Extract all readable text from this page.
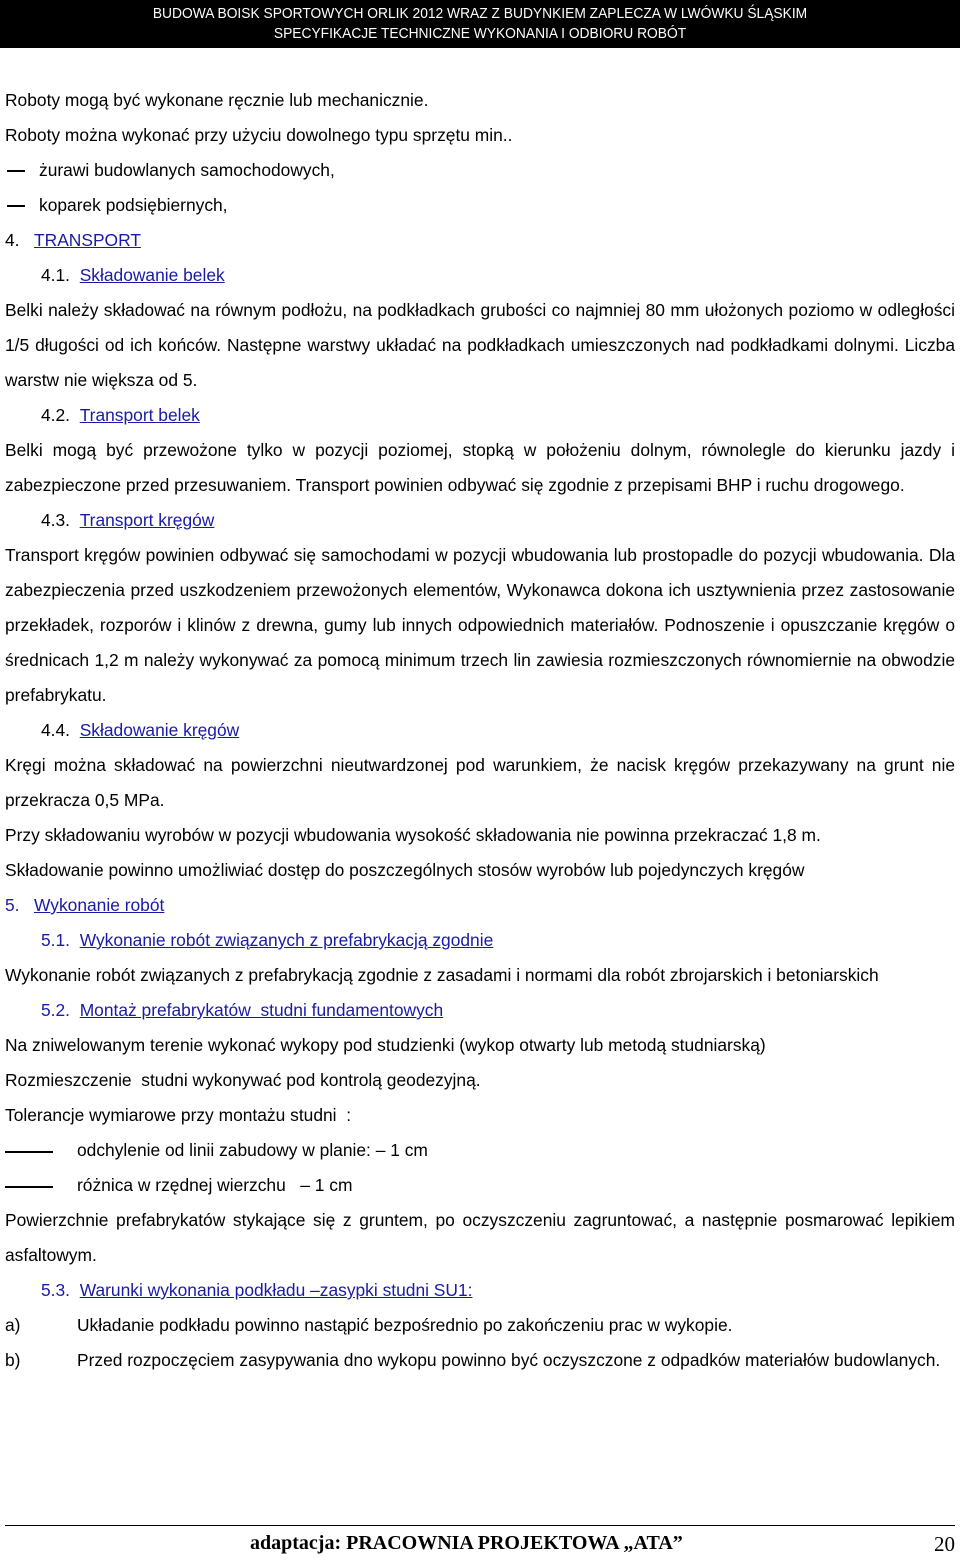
BUDOWA BOISK SPORTOWYCH ORLIK 2012 WRAZ Z BUDYNKIEM ZAPLECZA W LWÓWKU ŚLĄSKIM
SPECYFIKACJE TECHNICZNE WYKONANIA I ODBIORU ROBÓT

Roboty mogą być wykonane ręcznie lub mechanicznie.

Roboty można wykonać przy użyciu dowolnego typu sprzętu min..

żurawi budowlanych samochodowych,

koparek podsiębiernych,

4. TRANSPORT

4.1. Składowanie belek

Belki należy składować na równym podłożu, na podkładkach grubości co najmniej 80 mm ułożonych poziomo w odległości 1/5 długości od ich końców. Następne warstwy układać na podkładkach umieszczonych nad podkładkami dolnymi. Liczba warstw nie większa od 5.

4.2. Transport belek

Belki mogą być przewożone tylko w pozycji poziomej, stopką w położeniu dolnym, równolegle do kierunku jazdy i zabezpieczone przed przesuwaniem. Transport powinien odbywać się zgodnie z przepisami BHP i ruchu drogowego.

4.3. Transport kręgów

Transport kręgów powinien odbywać się samochodami w pozycji wbudowania lub prostopadle do pozycji wbudowania. Dla zabezpieczenia przed uszkodzeniem przewożonych elementów, Wykonawca dokona ich usztywnienia przez zastosowanie przekładek, rozporów i klinów z drewna, gumy lub innych odpowiednich materiałów. Podnoszenie i opuszczanie kręgów o średnicach 1,2 m należy wykonywać za pomocą minimum trzech lin zawiesia rozmieszczonych równomiernie na obwodzie prefabrykatu.

4.4. Składowanie kręgów

Kręgi można składować na powierzchni nieutwardzonej pod warunkiem, że nacisk kręgów przekazywany na grunt nie przekracza 0,5 MPa.

Przy składowaniu wyrobów w pozycji wbudowania wysokość składowania nie powinna przekraczać 1,8 m.

Składowanie powinno umożliwiać dostęp do poszczególnych stosów wyrobów lub pojedynczych kręgów

5. Wykonanie robót

5.1. Wykonanie robót związanych z prefabrykacją zgodnie

Wykonanie robót związanych z prefabrykacją zgodnie z zasadami i normami dla robót zbrojarskich i betoniarskich

5.2. Montaż prefabrykatów  studni fundamentowych

Na zniwelowanym terenie wykonać wykopy pod studzienki (wykop otwarty lub metodą studniarską)

Rozmieszczenie  studni wykonywać pod kontrolą geodezyjną.

Tolerancje wymiarowe przy montażu studni  :

odchylenie od linii zabudowy w planie: – 1 cm

różnica w rzędnej wierzchu   – 1 cm

Powierzchnie prefabrykatów stykające się z gruntem, po oczyszczeniu zagruntować, a następnie posmarować lepikiem asfaltowym.

5.3. Warunki wykonania podkładu –zasypki studni SU1:

a)	Układanie podkładu powinno nastąpić bezpośrednio po zakończeniu prac w wykopie.

b)	Przed rozpoczęciem zasypywania dno wykopu powinno być oczyszczone z odpadków materiałów budowlanych.

adaptacja: PRACOWNIA PROJEKTOWA „ATA”	20
